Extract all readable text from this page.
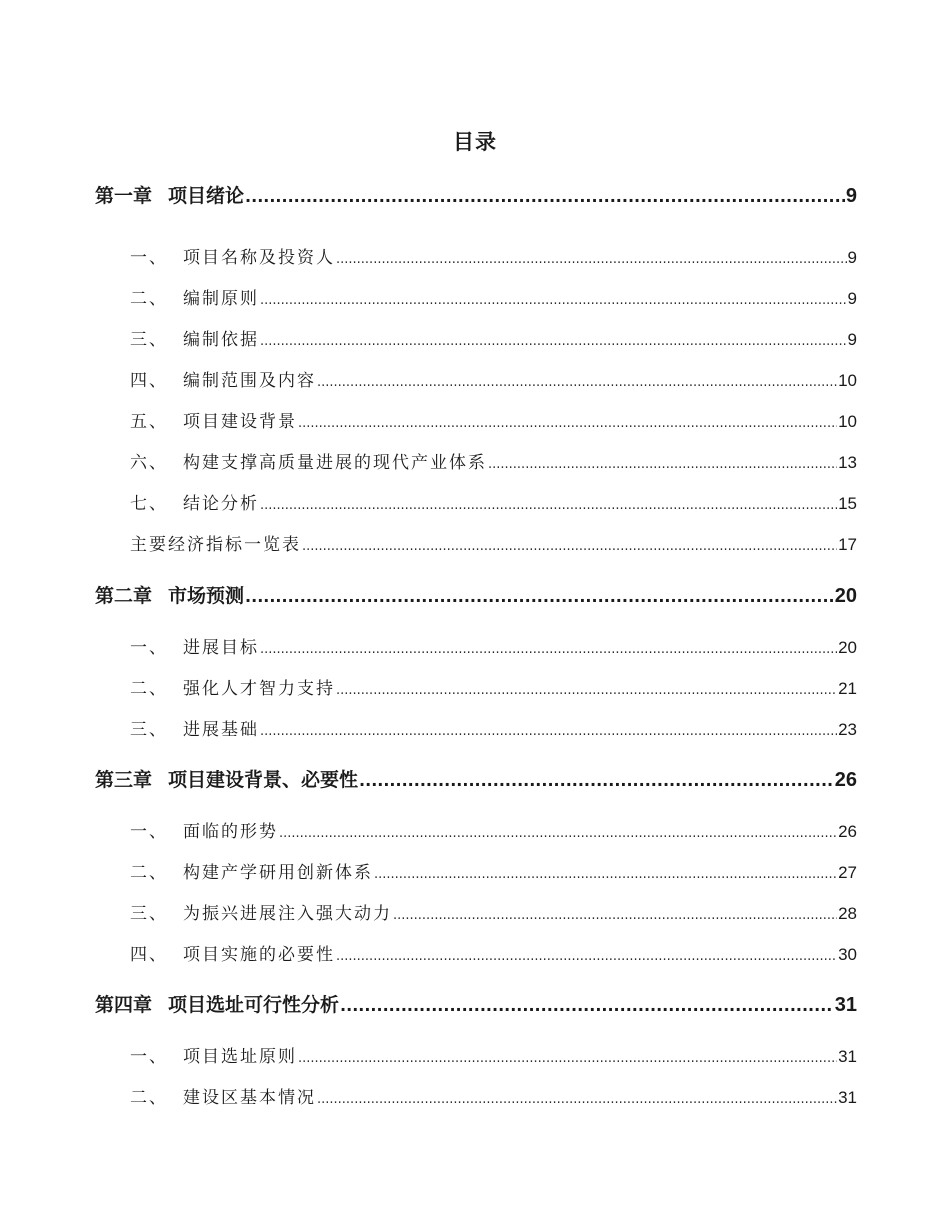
目录
第一章 项目绪论 .....	9
一、 项目名称及投资人 .....	9
二、 编制原则 .....	9
三、 编制依据 .....	9
四、 编制范围及内容 .....	10
五、 项目建设背景 .....	10
六、 构建支撑高质量进展的现代产业体系 .....	13
七、 结论分析 .....	15
主要经济指标一览表 .....	17
第二章 市场预测 .....	20
一、 进展目标 .....	20
二、 强化人才智力支持 .....	21
三、 进展基础 .....	23
第三章 项目建设背景、必要性 .....	26
一、 面临的形势 .....	26
二、 构建产学研用创新体系 .....	27
三、 为振兴进展注入强大动力 .....	28
四、 项目实施的必要性 .....	30
第四章 项目选址可行性分析 .....	31
一、 项目选址原则 .....	31
二、 建设区基本情况 .....	31
